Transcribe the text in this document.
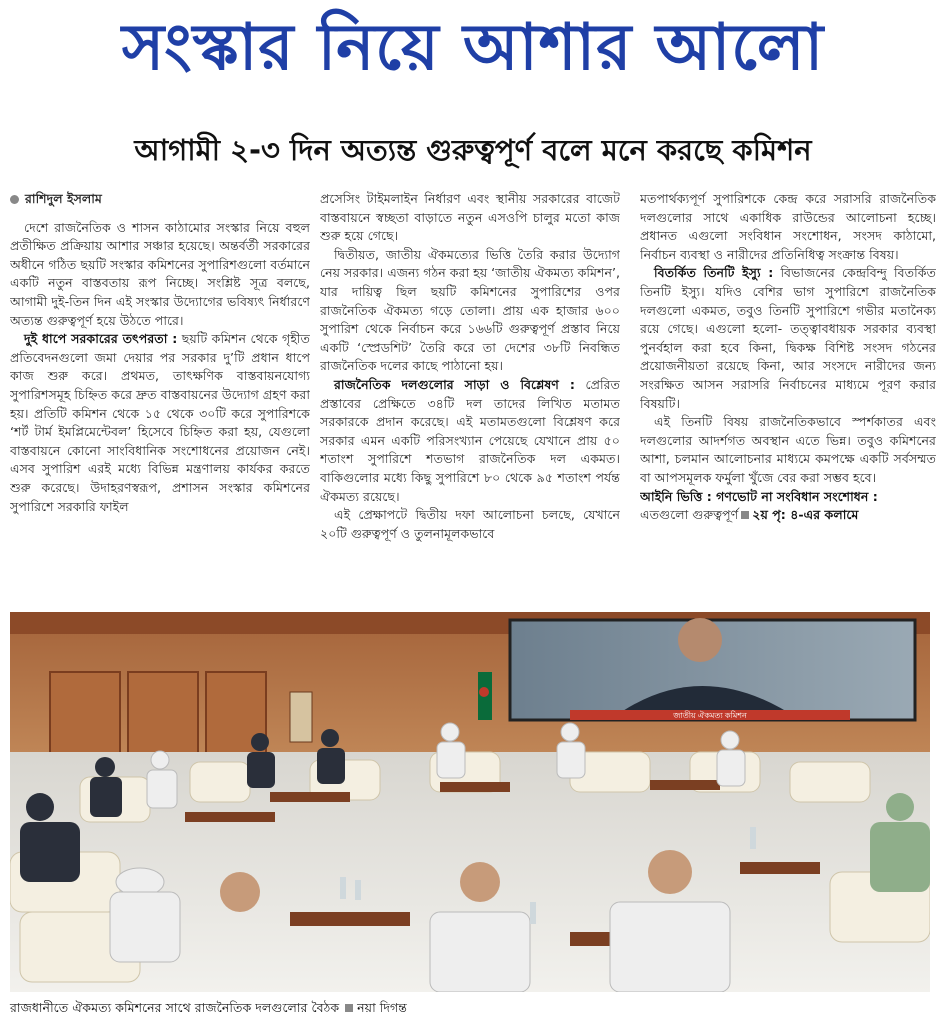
সংস্কার নিয়ে আশার আলো
আগামী ২-৩ দিন অত্যন্ত গুরুত্বপূর্ণ বলে মনে করছে কমিশন
রাশিদুল ইসলাম

দেশে রাজনৈতিক ও শাসন কাঠামোর সংস্কার নিয়ে বহুল প্রতীক্ষিত প্রক্রিয়ায় আশার সঞ্চার হয়েছে। অন্তর্বর্তী সরকারের অধীনে গঠিত ছয়টি সংস্কার কমিশনের সুপারিশগুলো বর্তমানে একটি নতুন বাস্তবতায় রূপ নিচ্ছে। সংশ্লিষ্ট সূত্র বলছে, আগামী দুই-তিন দিন এই সংস্কার উদ্যোগের ভবিষ্যৎ নির্ধারণে অত্যন্ত গুরুত্বপূর্ণ হয়ে উঠতে পারে।

দুই ধাপে সরকারের তৎপরতা : ছয়টি কমিশন থেকে গৃহীত প্রতিবেদনগুলো জমা দেয়ার পর সরকার দু’টি প্রধান ধাপে কাজ শুরু করে। প্রথমত, তাৎক্ষণিক বাস্তবায়নযোগ্য সুপারিশসমূহ চিহ্নিত করে দ্রুত বাস্তবায়নের উদ্যোগ গ্রহণ করা হয়। প্রতিটি কমিশন থেকে ১৫ থেকে ৩০টি করে সুপারিশকে ‘শর্ট টার্ম ইমপ্লিমেন্টেবল’ হিসেবে চিহ্নিত করা হয়, যেগুলো বাস্তবায়নে কোনো সাংবিধানিক সংশোধনের প্রয়োজন নেই। এসব সুপারিশ এরই মধ্যে বিভিন্ন মন্ত্রণালয় কার্যকর করতে শুরু করেছে। উদাহরণস্বরূপ, প্রশাসন সংস্কার কমিশনের সুপারিশে সরকারি ফাইল

প্রসেসিং টাইমলাইন নির্ধারণ এবং স্থানীয় সরকারের বাজেট বাস্তবায়নে স্বচ্ছতা বাড়াতে নতুন এসওপি চালুর মতো কাজ শুরু হয়ে গেছে।

দ্বিতীয়ত, জাতীয় ঐকমত্যের ভিত্তি তৈরি করার উদ্যোগ নেয় সরকার। এজন্য গঠন করা হয় ‘জাতীয় ঐকমত্য কমিশন’, যার দায়িত্ব ছিল ছয়টি কমিশনের সুপারিশের ওপর রাজনৈতিক ঐকমত্য গড়ে তোলা। প্রায় এক হাজার ৬০০ সুপারিশ থেকে নির্বাচন করে ১৬৬টি গুরুত্বপূর্ণ প্রস্তাব নিয়ে একটি ‘স্প্রেডশিট’ তৈরি করে তা দেশের ৩৮টি নিবন্ধিত রাজনৈতিক দলের কাছে পাঠানো হয়।

রাজনৈতিক দলগুলোর সাড়া ও বিশ্লেষণ : প্রেরিত প্রস্তাবের প্রেক্ষিতে ৩৪টি দল তাদের লিখিত মতামত সরকারকে প্রদান করেছে। এই মতামতগুলো বিশ্লেষণ করে সরকার এমন একটি পরিসংখ্যান পেয়েছে যেখানে প্রায় ৫০ শতাংশ সুপারিশে শতভাগ রাজনৈতিক দল একমত। বাকিগুলোর মধ্যে কিছু সুপারিশে ৮০ থেকে ৯৫ শতাংশ পর্যন্ত ঐকমত্য রয়েছে।

এই প্রেক্ষাপটে দ্বিতীয় দফা আলোচনা চলছে, যেখানে ২০টি গুরুত্বপূর্ণ ও তুলনামূলকভাবে

মতপার্থক্যপূর্ণ সুপারিশকে কেন্দ্র করে সরাসরি রাজনৈতিক দলগুলোর সাথে একাধিক রাউন্ডের আলোচনা হচ্ছে। প্রধানত এগুলো সংবিধান সংশোধন, সংসদ কাঠামো, নির্বাচন ব্যবস্থা ও নারীদের প্রতিনিধিত্ব সংক্রান্ত বিষয়।

বিতর্কিত তিনটি ইস্যু : বিভাজনের কেন্দ্রবিন্দু বিতর্কিত তিনটি ইস্যু। যদিও বেশির ভাগ সুপারিশে রাজনৈতিক দলগুলো একমত, তবুও তিনটি সুপারিশে গভীর মতানৈক্য রয়ে গেছে। এগুলো হলো- তত্ত্বাবধায়ক সরকার ব্যবস্থা পুনর্বহাল করা হবে কিনা, দ্বিকক্ষ বিশিষ্ট সংসদ গঠনের প্রয়োজনীয়তা রয়েছে কিনা, আর সংসদে নারীদের জন্য সংরক্ষিত আসন সরাসরি নির্বাচনের মাধ্যমে পূরণ করার বিষয়টি।

এই তিনটি বিষয় রাজনৈতিকভাবে স্পর্শকাতর এবং দলগুলোর আদর্শগত অবস্থান এতে ভিন্ন। তবুও কমিশনের আশা, চলমান আলোচনার মাধ্যমে কমপক্ষে একটি সর্বসম্মত বা আপসমূলক ফর্মুলা খুঁজে বের করা সম্ভব হবে।

আইনি ভিত্তি : গণভোট না সংবিধান সংশোধন :

এতগুলো গুরুত্বপূর্ণ ২য় পৃ: ৪-এর কলামে

জাতীয় ঐকমত্য কমিশন
রাজধানীতে ঐকমত্য কমিশনের সাথে রাজনৈতিক দলগুলোর বৈঠক নয়া দিগন্ত
